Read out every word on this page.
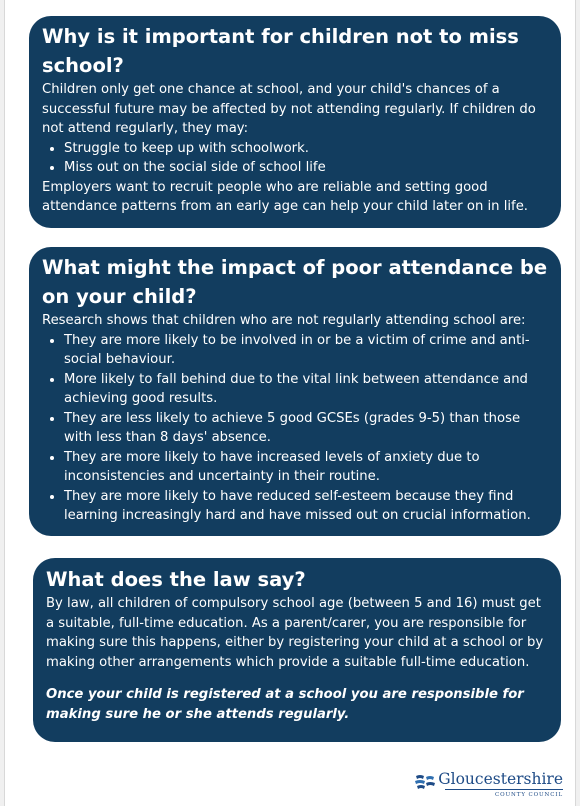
Why is it important for children not to miss school?

Children only get one chance at school, and your child's chances of a successful future may be affected by not attending regularly. If children do not attend regularly, they may:

• Struggle to keep up with schoolwork.
• Miss out on the social side of school life

Employers want to recruit people who are reliable and setting good attendance patterns from an early age can help your child later on in life.

What might the impact of poor attendance be on your child?

Research shows that children who are not regularly attending school are:

• They are more likely to be involved in or be a victim of crime and anti-social behaviour.
• More likely to fall behind due to the vital link between attendance and achieving good results.
• They are less likely to achieve 5 good GCSEs (grades 9-5) than those with less than 8 days' absence.
• They are more likely to have increased levels of anxiety due to inconsistencies and uncertainty in their routine.
• They are more likely to have reduced self-esteem because they find learning increasingly hard and have missed out on crucial information.
What does the law say?

By law, all children of compulsory school age (between 5 and 16) must get a suitable, full-time education. As a parent/carer, you are responsible for making sure this happens, either by registering your child at a school or by making other arrangements which provide a suitable full-time education.

Once your child is registered at a school you are responsible for making sure he or she attends regularly.

Gloucestershire
COUNTY COUNCIL
